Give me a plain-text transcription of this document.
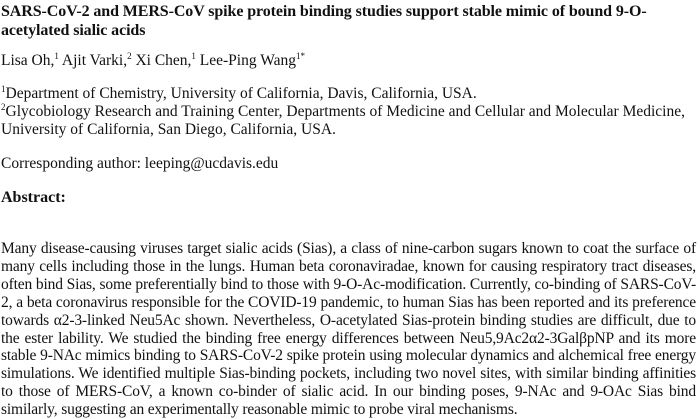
SARS-CoV-2 and MERS-CoV spike protein binding studies support stable mimic of bound 9-O-acetylated sialic acids
Lisa Oh,$^1$ Ajit Varki,$^2$ Xi Chen,$^1$ Lee-Ping Wang$^{1*}$

$^1$Department of Chemistry, University of California, Davis, California, USA.

$^2$Glycobiology Research and Training Center, Departments of Medicine and Cellular and Molecular Medicine, University of California, San Diego, California, USA.

Corresponding author: leeping@ucdavis.edu
Abstract:
Many disease-causing viruses target sialic acids (Sias), a class of nine-carbon sugars known to coat the surface of many cells including those in the lungs. Human beta coronaviradae, known for causing respiratory tract diseases, often bind Sias, some preferentially bind to those with 9-O-Ac-modification. Currently, co-binding of SARS-CoV-2, a beta coronavirus responsible for the COVID-19 pandemic, to human Sias has been reported and its preference towards α2-3-linked Neu5Ac shown. Nevertheless, O-acetylated Sias-protein binding studies are difficult, due to the ester lability. We studied the binding free energy differences between Neu5,9Ac2α2-3GalβpNP and its more stable 9-NAc mimics binding to SARS-CoV-2 spike protein using molecular dynamics and alchemical free energy simulations. We identified multiple Sias-binding pockets, including two novel sites, with similar binding affinities to those of MERS-CoV, a known co-binder of sialic acid. In our binding poses, 9-NAc and 9-OAc Sias bind similarly, suggesting an experimentally reasonable mimic to probe viral mechanisms.
